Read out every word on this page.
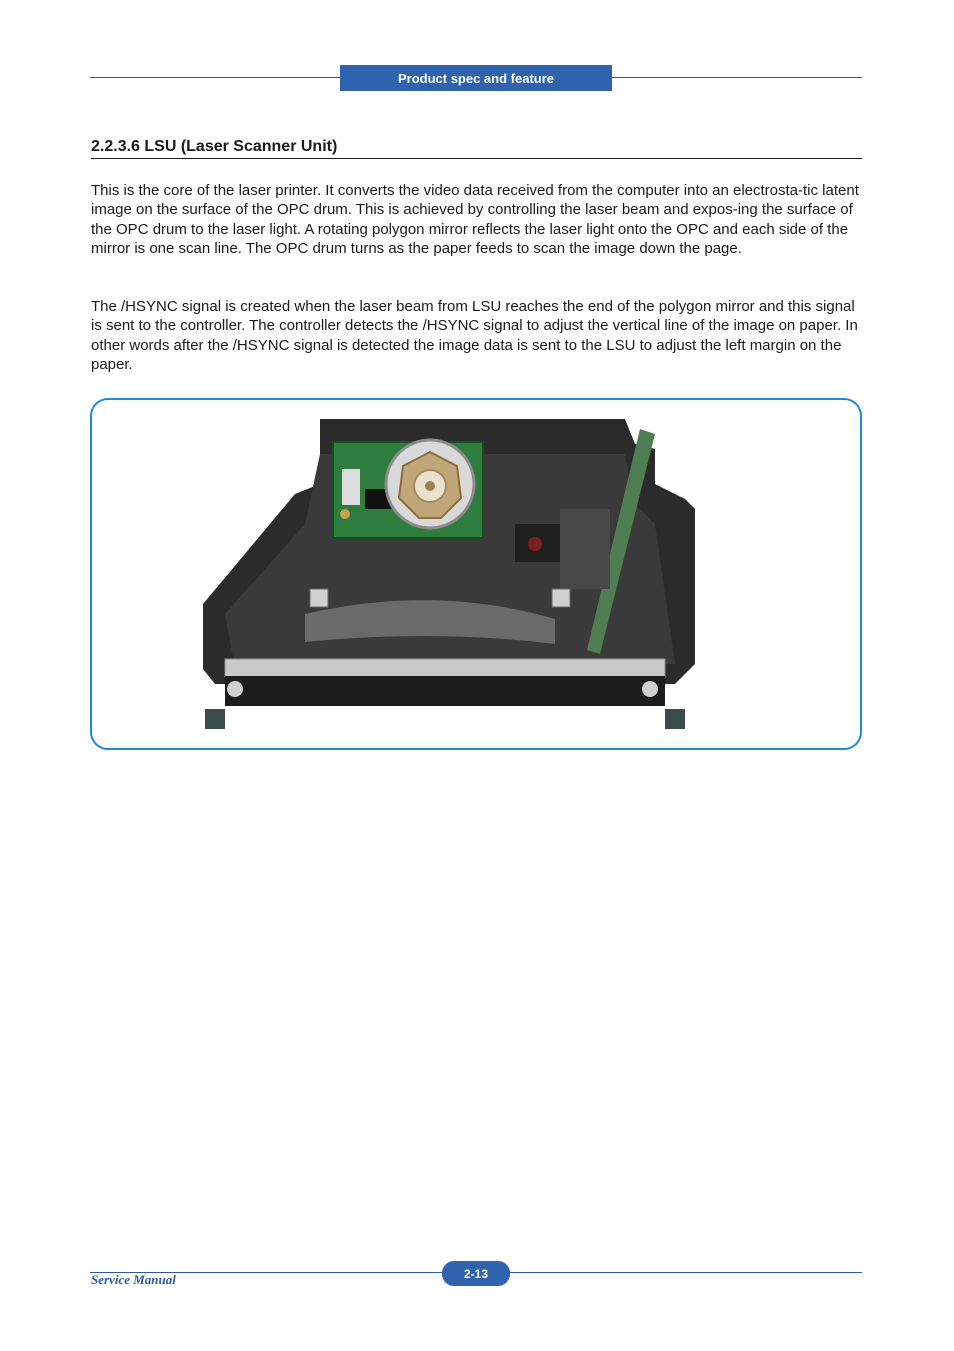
Product spec and feature
2.2.3.6 LSU (Laser Scanner Unit)

This is the core of the laser printer. It converts the video data received from the computer into an electrosta-tic latent image on the surface of the OPC drum. This is achieved by controlling the laser beam and expos-ing the surface of the OPC drum to the laser light. A rotating polygon mirror reflects the laser light onto the OPC and each side of the mirror is one scan line. The OPC drum turns as the paper feeds to scan the image down the page.

The /HSYNC signal is created when the laser beam from LSU reaches the end of the polygon mirror and this signal is sent to the controller. The controller detects the /HSYNC signal to adjust the vertical line of the image on paper. In other words after the /HSYNC signal is detected the image data is sent to the LSU to adjust the left margin on the paper.

Service Manual	2-13
